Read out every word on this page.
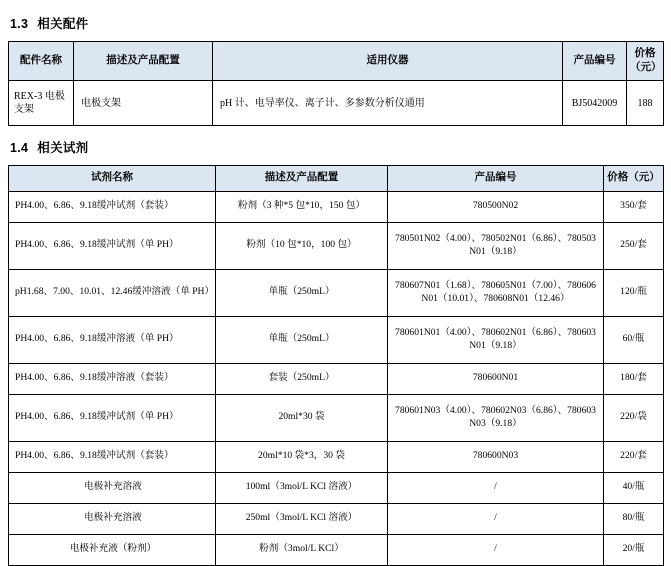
1.3 相关配件
配件名称	描述及产品配置	适用仪器	产品编号	价格
（元）

REX-3 电极支架	电极支架	pH 计、电导率仪、离子计、多参数分析仪通用	BJ5042009	188
1.4 相关试剂
试剂名称	描述及产品配置	产品编号	价格（元）
PH4.00、6.86、9.18缓冲试剂（套装）	粉剂（3 种*5 包*10，150 包）	780500N02	350/套
PH4.00、6.86、9.18缓冲试剂（单 PH）	粉剂（10 包*10，100 包）	780501N02（4.00）、780502N01（6.86）、780503N01（9.18）	250/套
pH1.68、7.00、10.01、12.46缓冲溶液（单 PH）	单瓶（250mL）	780607N01（1.68）、780605N01（7.00）、780606N01（10.01）、780608N01（12.46）	120/瓶
PH4.00、6.86、9.18缓冲溶液（单 PH）	单瓶（250mL）	780601N01（4.00）、780602N01（6.86）、780603N01（9.18）	60/瓶
PH4.00、6.86、9.18缓冲溶液（套装）	套装（250mL）	780600N01	180/套
PH4.00、6.86、9.18缓冲试剂（单 PH）	20ml*30 袋	780601N03（4.00）、780602N03（6.86）、780603N03（9.18）	220/袋
PH4.00、6.86、9.18缓冲试剂（套装）	20ml*10 袋*3，30 袋	780600N03	220/套
电极补充溶液	100ml（3mol/L KCl 溶液）	/	40/瓶
电极补充溶液	250ml（3mol/L KCl 溶液）	/	80/瓶
电极补充液（粉剂）	粉剂（3mol/L KCl）	/	20/瓶
